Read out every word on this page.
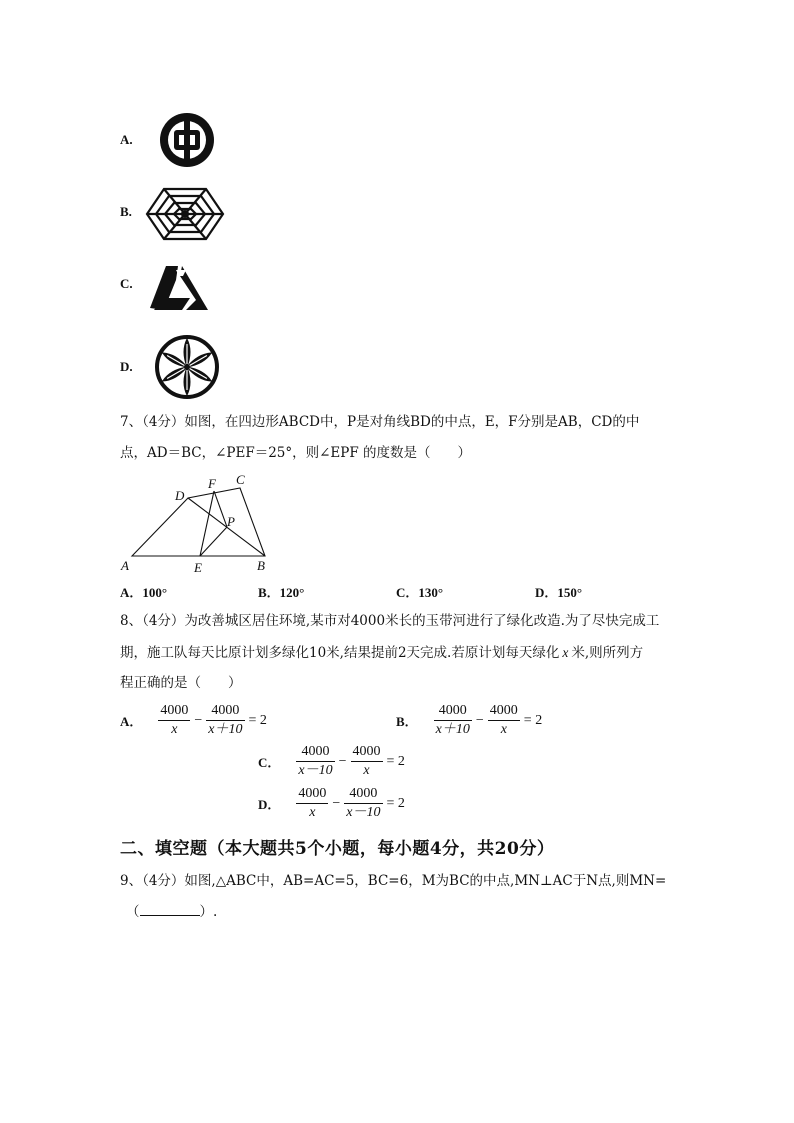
A.
B.
C.
D.
7、（4分）如图，在四边形ABCD中，P是对角线BD的中点，E，F分别是AB，CD的中
点，AD＝BC，∠PEF＝25°，则∠EPF 的度数是（　　）
A	B
C
D
E
F
P
A．100°	B．120°	C．130°	D．150°
8、（4分）为改善城区居住环境,某市对4000米长的玉带河进行了绿化改造.为了尽快完成工
期，施工队每天比原计划多绿化10米,结果提前2天完成.若原计划每天绿化 x 米,则所列方
程正确的是（　　）
A． $\frac{4000}{x} - \frac{4000}{x+10} = 2$	B． $\frac{4000}{x+10} - \frac{4000}{x} = 2$
C． $\frac{4000}{x-10} - \frac{4000}{x} = 2$
D． $\frac{4000}{x} - \frac{4000}{x-10} = 2$
二、填空题（本大题共5个小题，每小题4分，共20分）
9、（4分）如图,△ABC中，AB=AC=5，BC=6，M为BC的中点,MN⊥AC于N点,则MN=
（	）.
